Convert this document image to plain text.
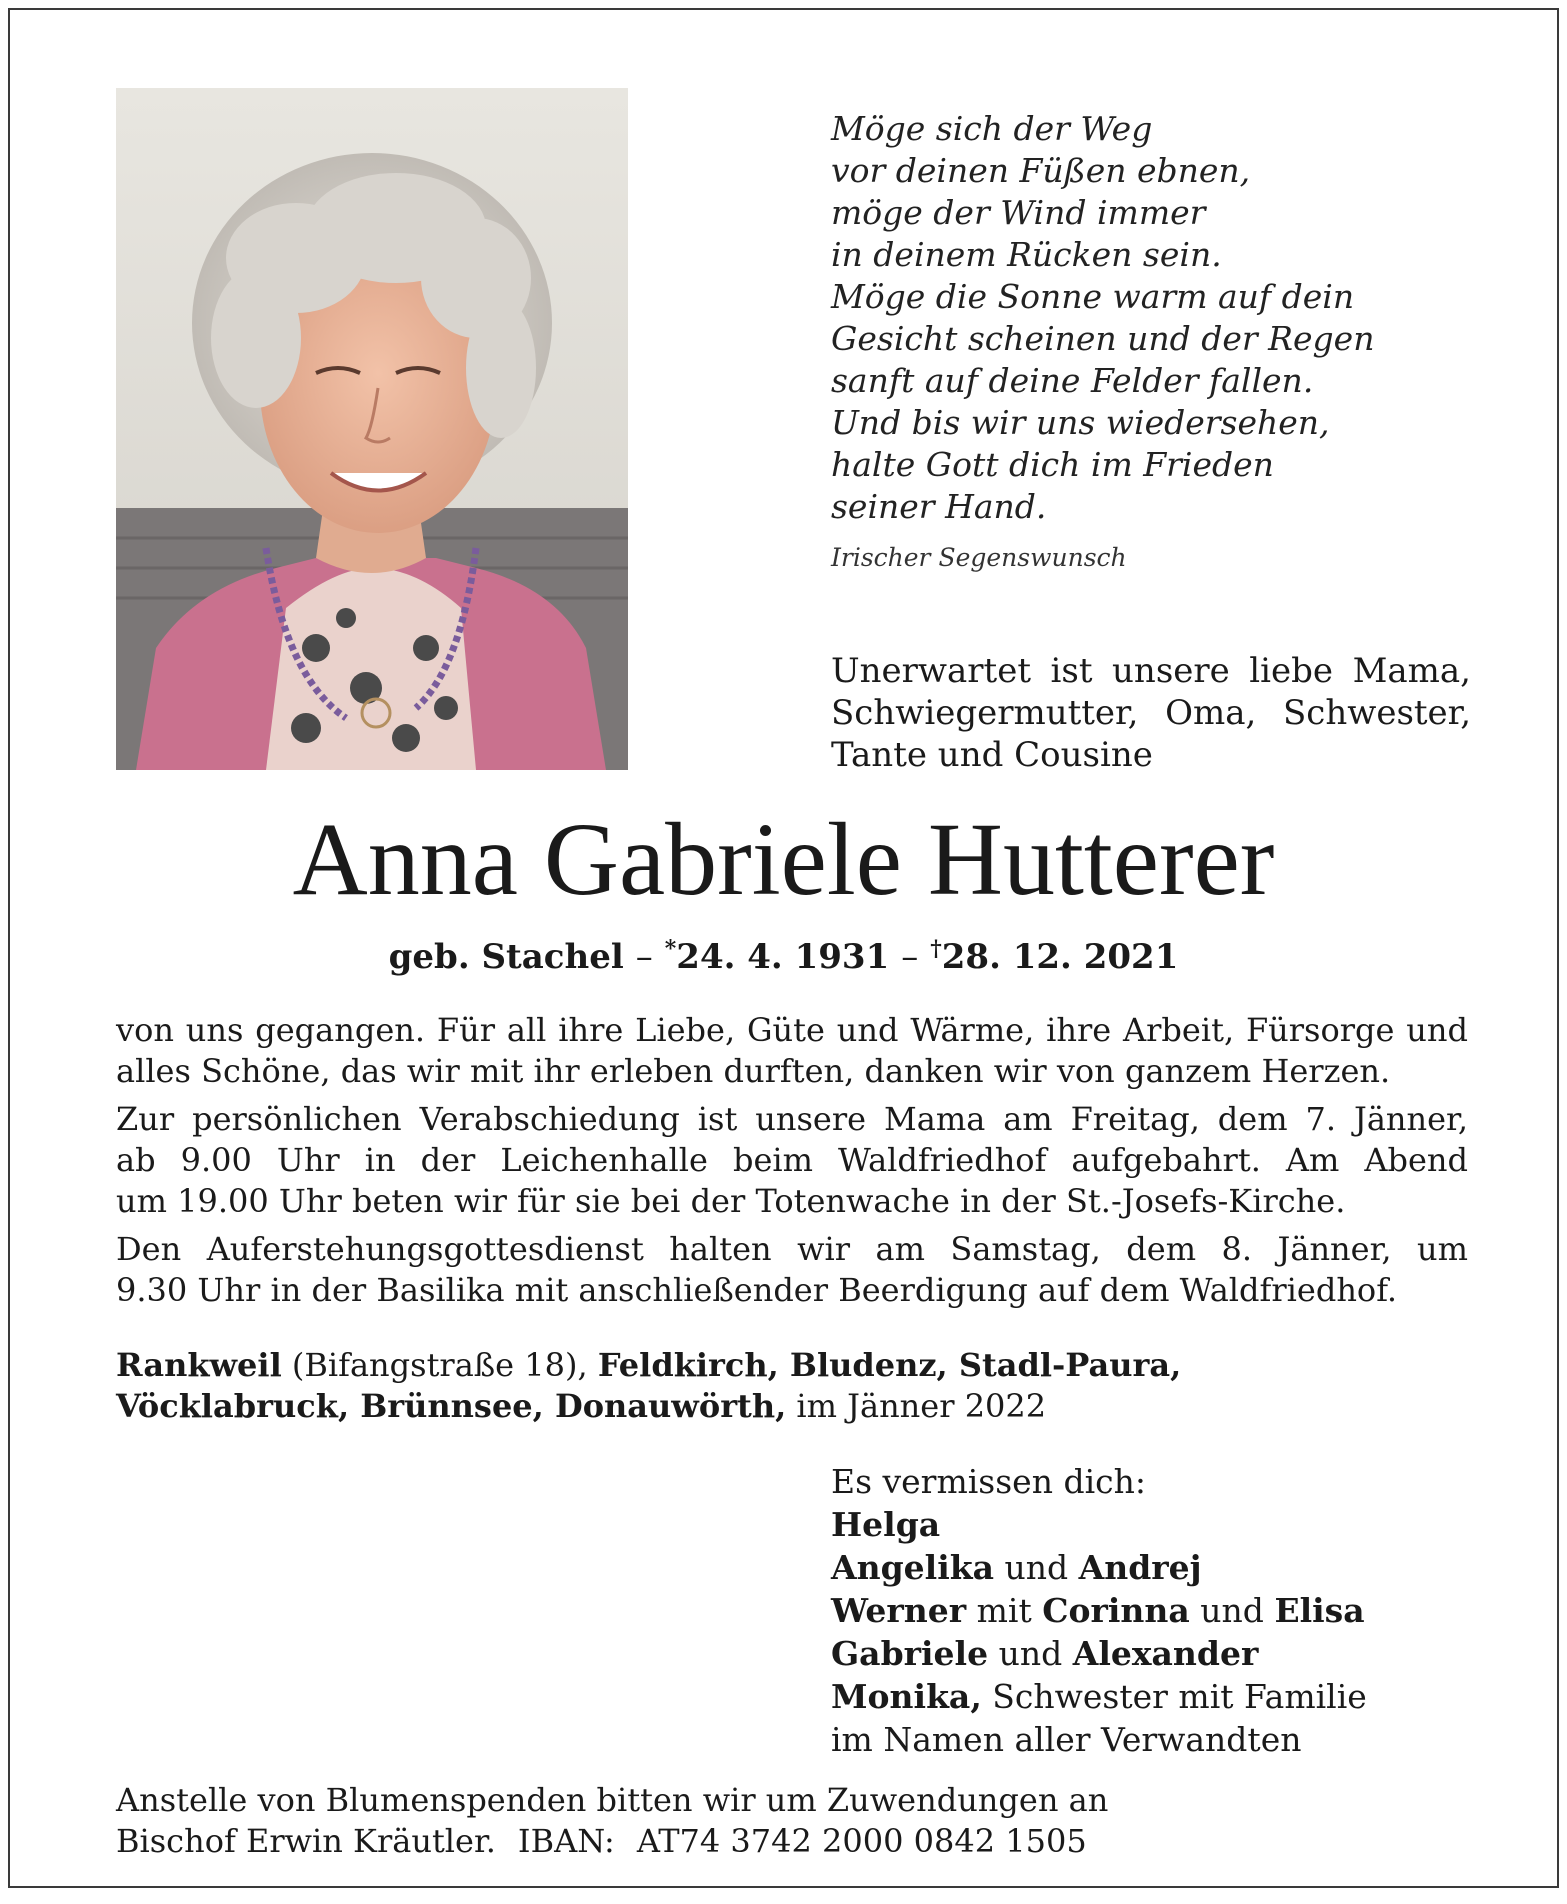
Möge sich der Weg
vor deinen Füßen ebnen,
möge der Wind immer
in deinem Rücken sein.
Möge die Sonne warm auf dein
Gesicht scheinen und der Regen
sanft auf deine Felder fallen.
Und bis wir uns wiedersehen,
halte Gott dich im Frieden
seiner Hand.
Irischer Segenswunsch
Unerwartet ist unsere liebe Mama,
Schwiegermutter, Oma, Schwester,
Tante und Cousine
Anna Gabriele Hutterer
geb. Stachel – *24. 4. 1931 – †28. 12. 2021

von uns gegangen. Für all ihre Liebe, Güte und Wärme, ihre Arbeit, Fürsorge und
alles Schöne, das wir mit ihr erleben durften, danken wir von ganzem Herzen.

Zur persönlichen Verabschiedung ist unsere Mama am Freitag, dem 7. Jänner,
ab 9.00 Uhr in der Leichenhalle beim Waldfriedhof aufgebahrt. Am Abend
um 19.00 Uhr beten wir für sie bei der Totenwache in der St.-Josefs-Kirche.

Den Auferstehungsgottesdienst halten wir am Samstag, dem 8. Jänner, um
9.30 Uhr in der Basilika mit anschließender Beerdigung auf dem Waldfriedhof.

Rankweil (Bifangstraße 18), Feldkirch, Bludenz, Stadl-Paura,
Vöcklabruck, Brünnsee, Donauwörth, im Jänner 2022
Es vermissen dich:
Helga
Angelika und Andrej
Werner mit Corinna und Elisa
Gabriele und Alexander
Monika, Schwester mit Familie
im Namen aller Verwandten
Anstelle von Blumenspenden bitten wir um Zuwendungen an
Bischof Erwin Kräutler. IBAN: AT74 3742 2000 0842 1505
